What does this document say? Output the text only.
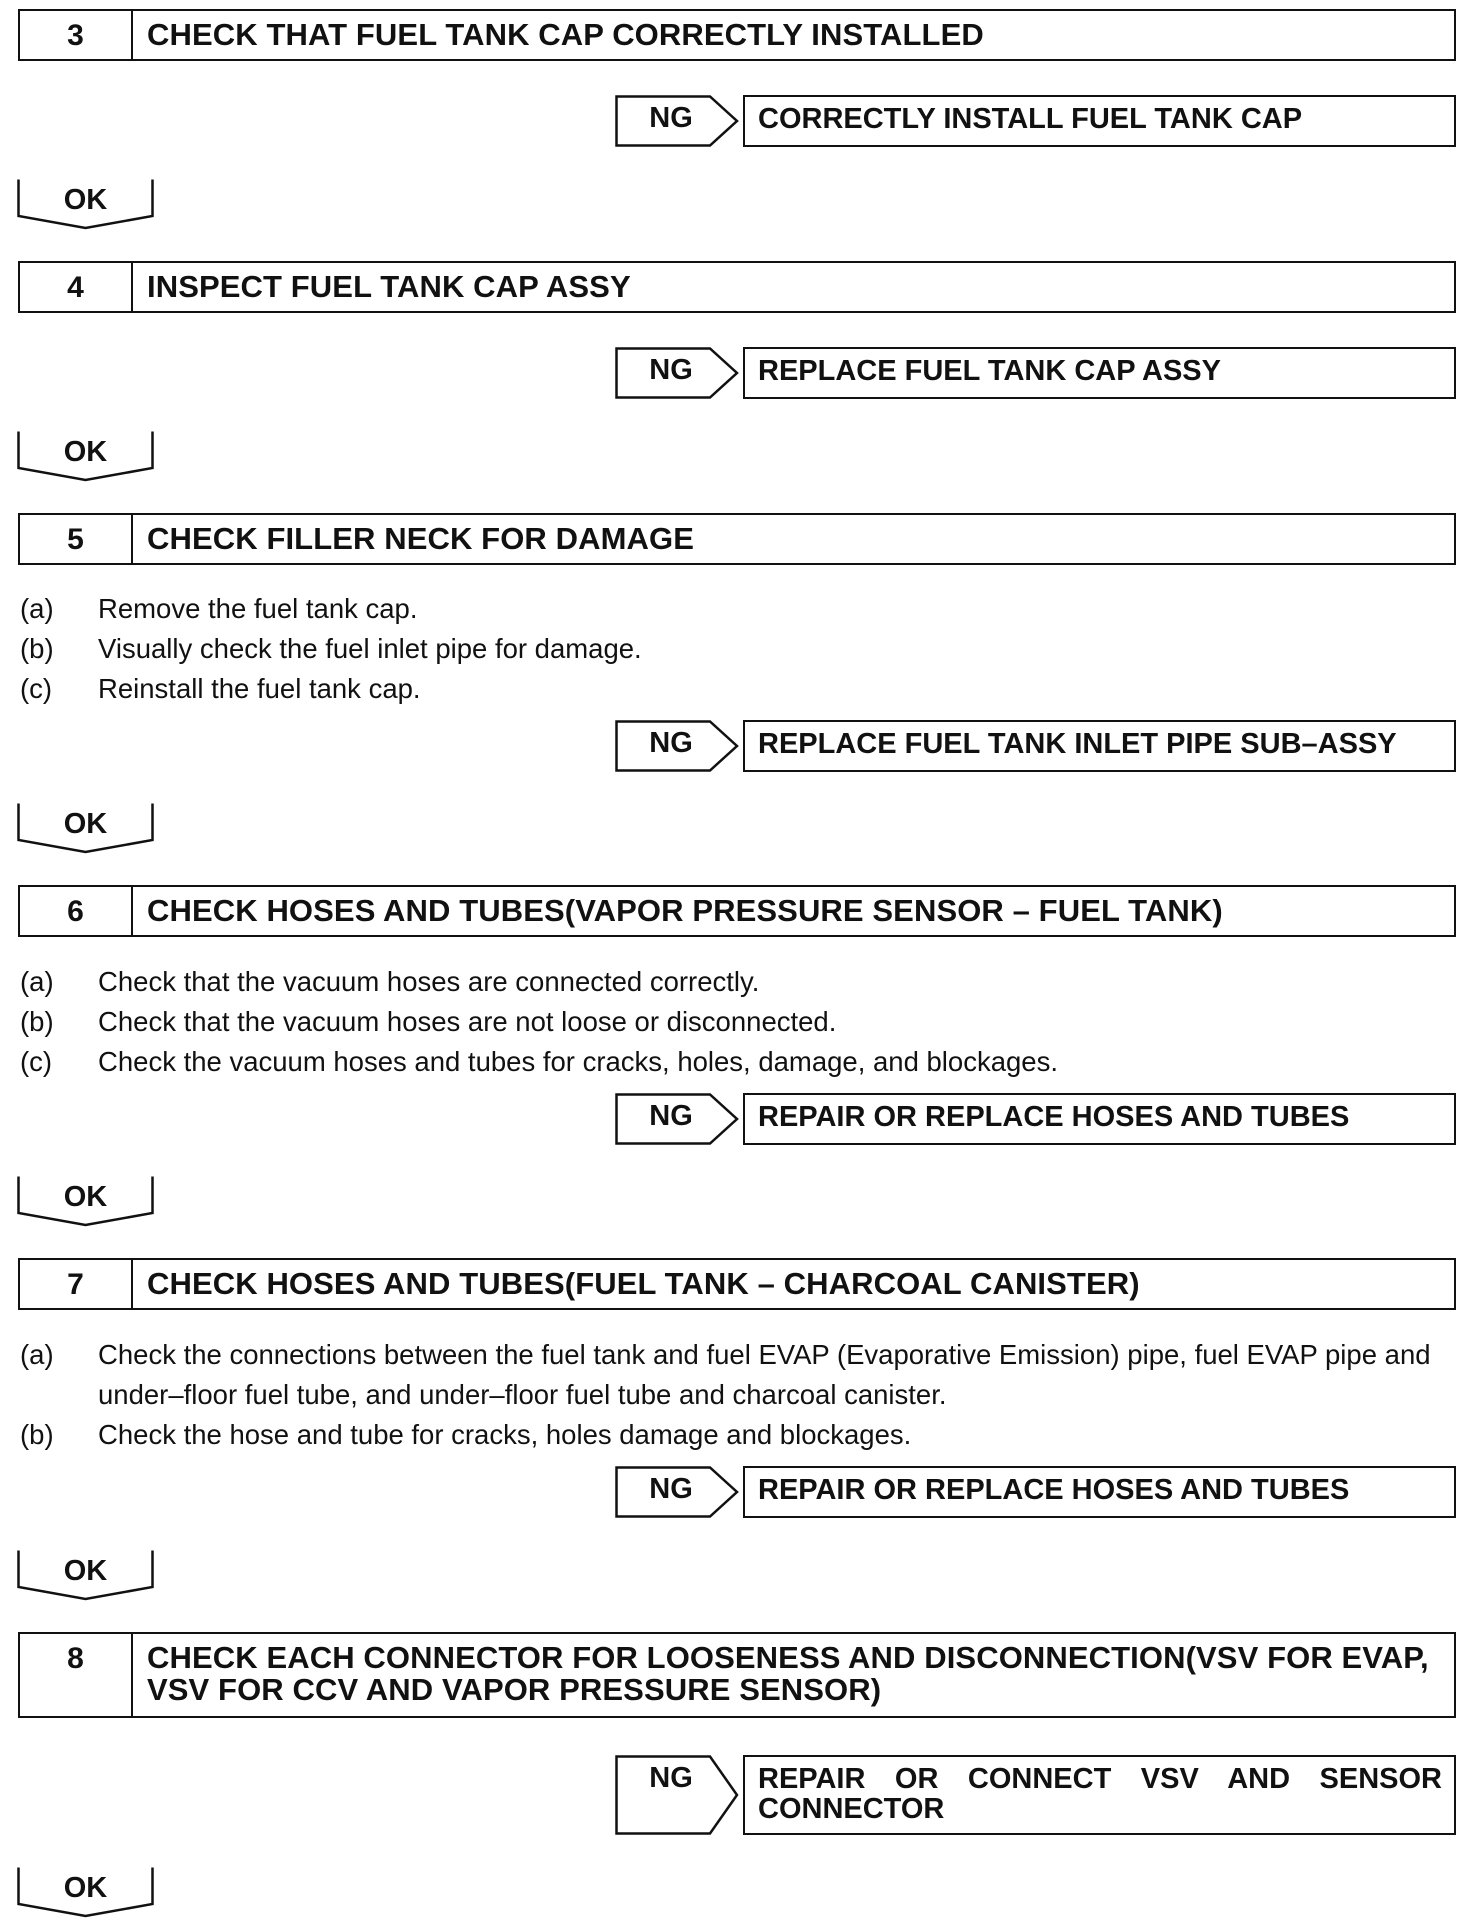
3	CHECK THAT FUEL TANK CAP CORRECTLY INSTALLED
NG	CORRECTLY INSTALL FUEL TANK CAP
OK
4	INSPECT FUEL TANK CAP ASSY
NG	REPLACE FUEL TANK CAP ASSY
OK
5	CHECK FILLER NECK FOR DAMAGE
(a) Remove the fuel tank cap.
(b) Visually check the fuel inlet pipe for damage.
(c) Reinstall the fuel tank cap.
NG	REPLACE FUEL TANK INLET PIPE SUB–ASSY
OK
6	CHECK HOSES AND TUBES(VAPOR PRESSURE SENSOR – FUEL TANK)
(a) Check that the vacuum hoses are connected correctly.
(b) Check that the vacuum hoses are not loose or disconnected.
(c) Check the vacuum hoses and tubes for cracks, holes, damage, and blockages.
NG	REPAIR OR REPLACE HOSES AND TUBES
OK
7	CHECK HOSES AND TUBES(FUEL TANK – CHARCOAL CANISTER)
(a) Check the connections between the fuel tank and fuel EVAP (Evaporative Emission) pipe, fuel EVAP pipe and under–floor fuel tube, and under–floor fuel tube and charcoal canister.
(b) Check the hose and tube for cracks, holes damage and blockages.
NG	REPAIR OR REPLACE HOSES AND TUBES
OK
8	CHECK EACH CONNECTOR FOR LOOSENESS AND DISCONNECTION(VSV FOR EVAP, VSV FOR CCV AND VAPOR PRESSURE SENSOR)
NG	REPAIR OR CONNECT VSV AND SENSOR CONNECTOR
OK
